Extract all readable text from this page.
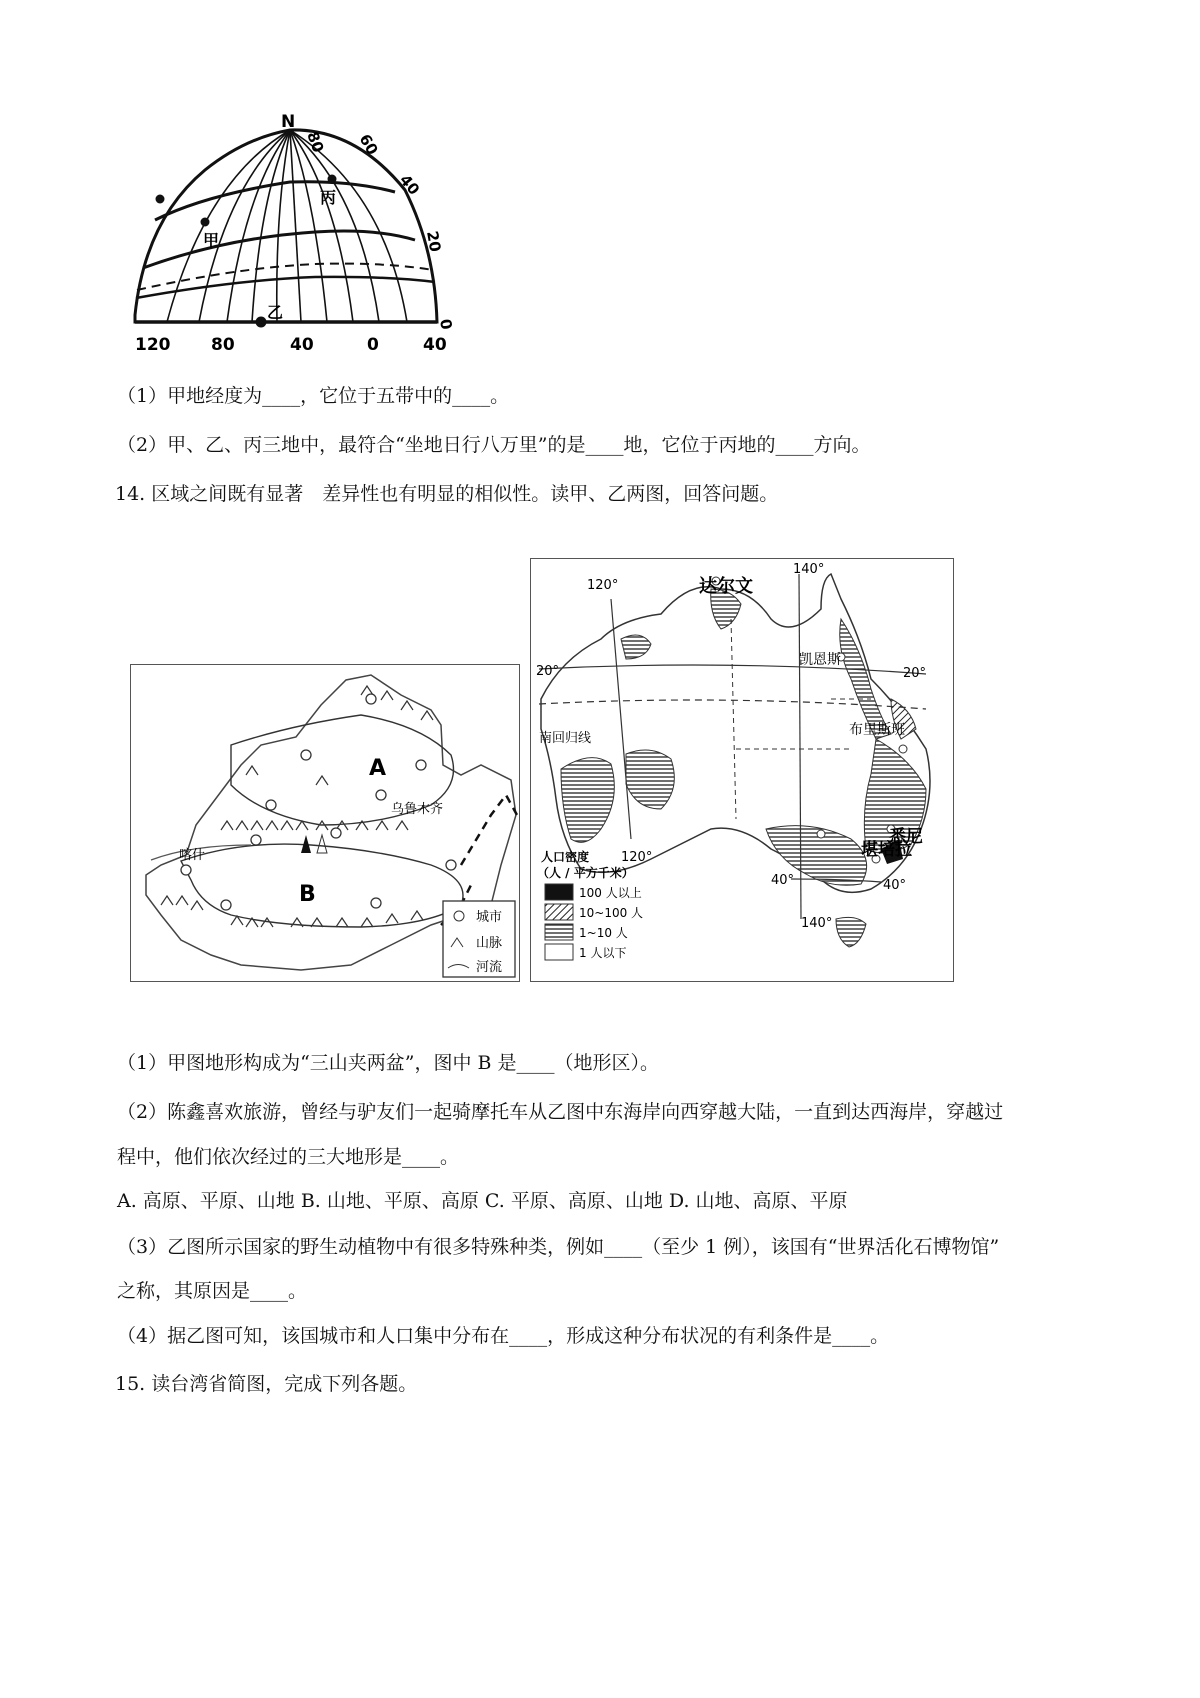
N
80 60
40
20
0
丙
甲
乙
120 80	40	0	40
（1）甲地经度为____，它位于五带中的____。
（2）甲、乙、丙三地中，最符合“坐地日行八万里”的是____地，它位于丙地的____方向。
14. 区域之间既有显著　差异性也有明显的相似性。读甲、乙两图，回答问题。
A
B
乌鲁木齐
喀什
城市
山脉
河流
达尔文
凯恩斯
布里斯班
悉尼
堪培拉
南回归线
140°
120°
120°
140°
20°	20°
40°	40°
人口密度
（人 / 平方千米）
100 人以上
10~100 人
1~10 人
1 人以下
（1）甲图地形构成为“三山夹两盆”，图中 B 是____（地形区）。
（2）陈鑫喜欢旅游，曾经与驴友们一起骑摩托车从乙图中东海岸向西穿越大陆，一直到达西海岸，穿越过
程中，他们依次经过的三大地形是____。
A. 高原、平原、山地 B. 山地、平原、高原 C. 平原、高原、山地 D. 山地、高原、平原
（3）乙图所示国家的野生动植物中有很多特殊种类，例如____（至少 1 例），该国有“世界活化石博物馆”
之称，其原因是____。
（4）据乙图可知，该国城市和人口集中分布在____，形成这种分布状况的有利条件是____。
15. 读台湾省简图，完成下列各题。
